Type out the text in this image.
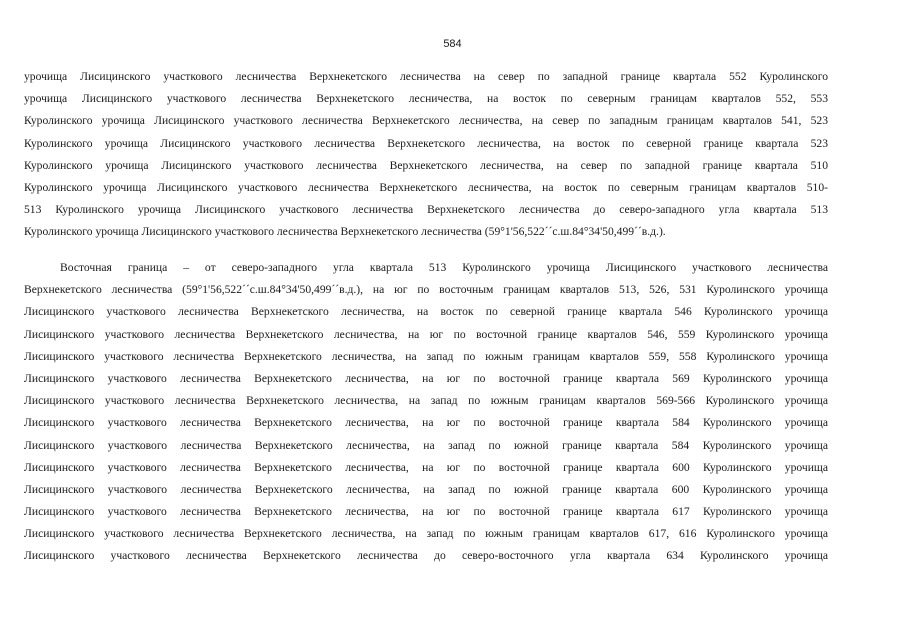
584

урочища Лисицинского участкового лесничества Верхнекетского лесничества на север по западной границе квартала 552 Куролинского
урочища Лисицинского участкового лесничества Верхнекетского лесничества, на восток по северным границам кварталов 552, 553
Куролинского урочища Лисицинского участкового лесничества Верхнекетского лесничества, на север по западным границам кварталов 541, 523
Куролинского урочища Лисицинского участкового лесничества Верхнекетского лесничества, на восток по северной границе квартала 523
Куролинского урочища Лисицинского участкового лесничества Верхнекетского лесничества, на север по западной границе квартала 510
Куролинского урочища Лисицинского участкового лесничества Верхнекетского лесничества, на восток по северным границам кварталов 510-
513 Куролинского урочища Лисицинского участкового лесничества Верхнекетского лесничества до северо-западного угла квартала 513
Куролинского урочища Лисицинского участкового лесничества Верхнекетского лесничества (59°1'56,522´´с.ш.84°34'50,499´´в.д.).

Восточная граница – от северо-западного угла квартала 513 Куролинского урочища Лисицинского участкового лесничества
Верхнекетского лесничества (59°1'56,522´´с.ш.84°34'50,499´´в.д.), на юг по восточным границам кварталов 513, 526, 531 Куролинского урочища
Лисицинского участкового лесничества Верхнекетского лесничества, на восток по северной границе квартала 546 Куролинского урочища
Лисицинского участкового лесничества Верхнекетского лесничества, на юг по восточной границе кварталов 546, 559 Куролинского урочища
Лисицинского участкового лесничества Верхнекетского лесничества, на запад по южным границам кварталов 559, 558 Куролинского урочища
Лисицинского участкового лесничества Верхнекетского лесничества, на юг по восточной границе квартала 569 Куролинского урочища
Лисицинского участкового лесничества Верхнекетского лесничества, на запад по южным границам кварталов 569-566 Куролинского урочища
Лисицинского участкового лесничества Верхнекетского лесничества, на юг по восточной границе квартала 584 Куролинского урочища
Лисицинского участкового лесничества Верхнекетского лесничества, на запад по южной границе квартала 584 Куролинского урочища
Лисицинского участкового лесничества Верхнекетского лесничества, на юг по восточной границе квартала 600 Куролинского урочища
Лисицинского участкового лесничества Верхнекетского лесничества, на запад по южной границе квартала 600 Куролинского урочища
Лисицинского участкового лесничества Верхнекетского лесничества, на юг по восточной границе квартала 617 Куролинского урочища
Лисицинского участкового лесничества Верхнекетского лесничества, на запад по южным границам кварталов 617, 616 Куролинского урочища
Лисицинского участкового лесничества Верхнекетского лесничества до северо-восточного угла квартала 634 Куролинского урочища
